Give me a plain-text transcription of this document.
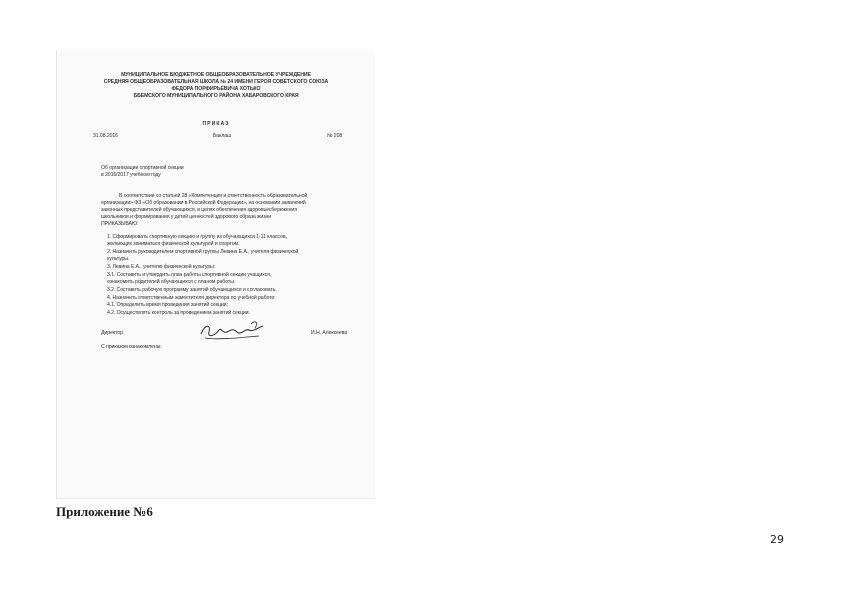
МУНИЦИПАЛЬНОЕ БЮДЖЕТНОЕ ОБЩЕОБРАЗОВАТЕЛЬНОЕ УЧРЕЖДЕНИЕ
СРЕДНЯЯ ОБЩЕОБРАЗОВАТЕЛЬНАЯ ШКОЛА № 24 ИМЕНИ ГЕРОЯ СОВЕТСКОГО СОЮЗА
ФЕДОРА ПОРФИРЬЕВИЧА ХОТЬКО
ББЕМСКОГО МУНИЦИПАЛЬНОГО РАЙОНА ХАБАРОВСКОГО КРАЯ
ПРИКАЗ
31.08.2016	Баклаш	№ 208
Об организации спортивной секции
в 2016/2017 учебном году
В соответствии со статьей 28 «Компетенция и ответственность образовательной
организации» ФЗ «Об образовании в Российской Федерации», на основании заявлений
законных представителей обучающихся, в целях обеспечения здоровьесбережения
школьников и формирования у детей ценностей здорового образа жизни
ПРИКАЗЫВАЮ:
1. Сформировать спортивную секцию и группу из обучающихся 1-11 классов,
желающих заниматься физической культурой и спортом.
2. Назначить руководителем спортивной группы Левина Е.А., учителя физической
культуры.
3. Левина Е.А., учителю физической культуры:
3.1. Составить и утвердить план работы спортивной секции учащихся,
ознакомить родителей обучающихся с планом работы.
3.2. Составить рабочую программу занятий обучающихся и согласовать.
4. Назначить ответственным заместителя директора по учебной работе:
4.1. Определить время проведения занятий секции;
4.2. Осуществлять контроль за проведением занятий секции.
Директор	И.Н. Алексеева
С приказом ознакомлены:
Приложение №6
29
